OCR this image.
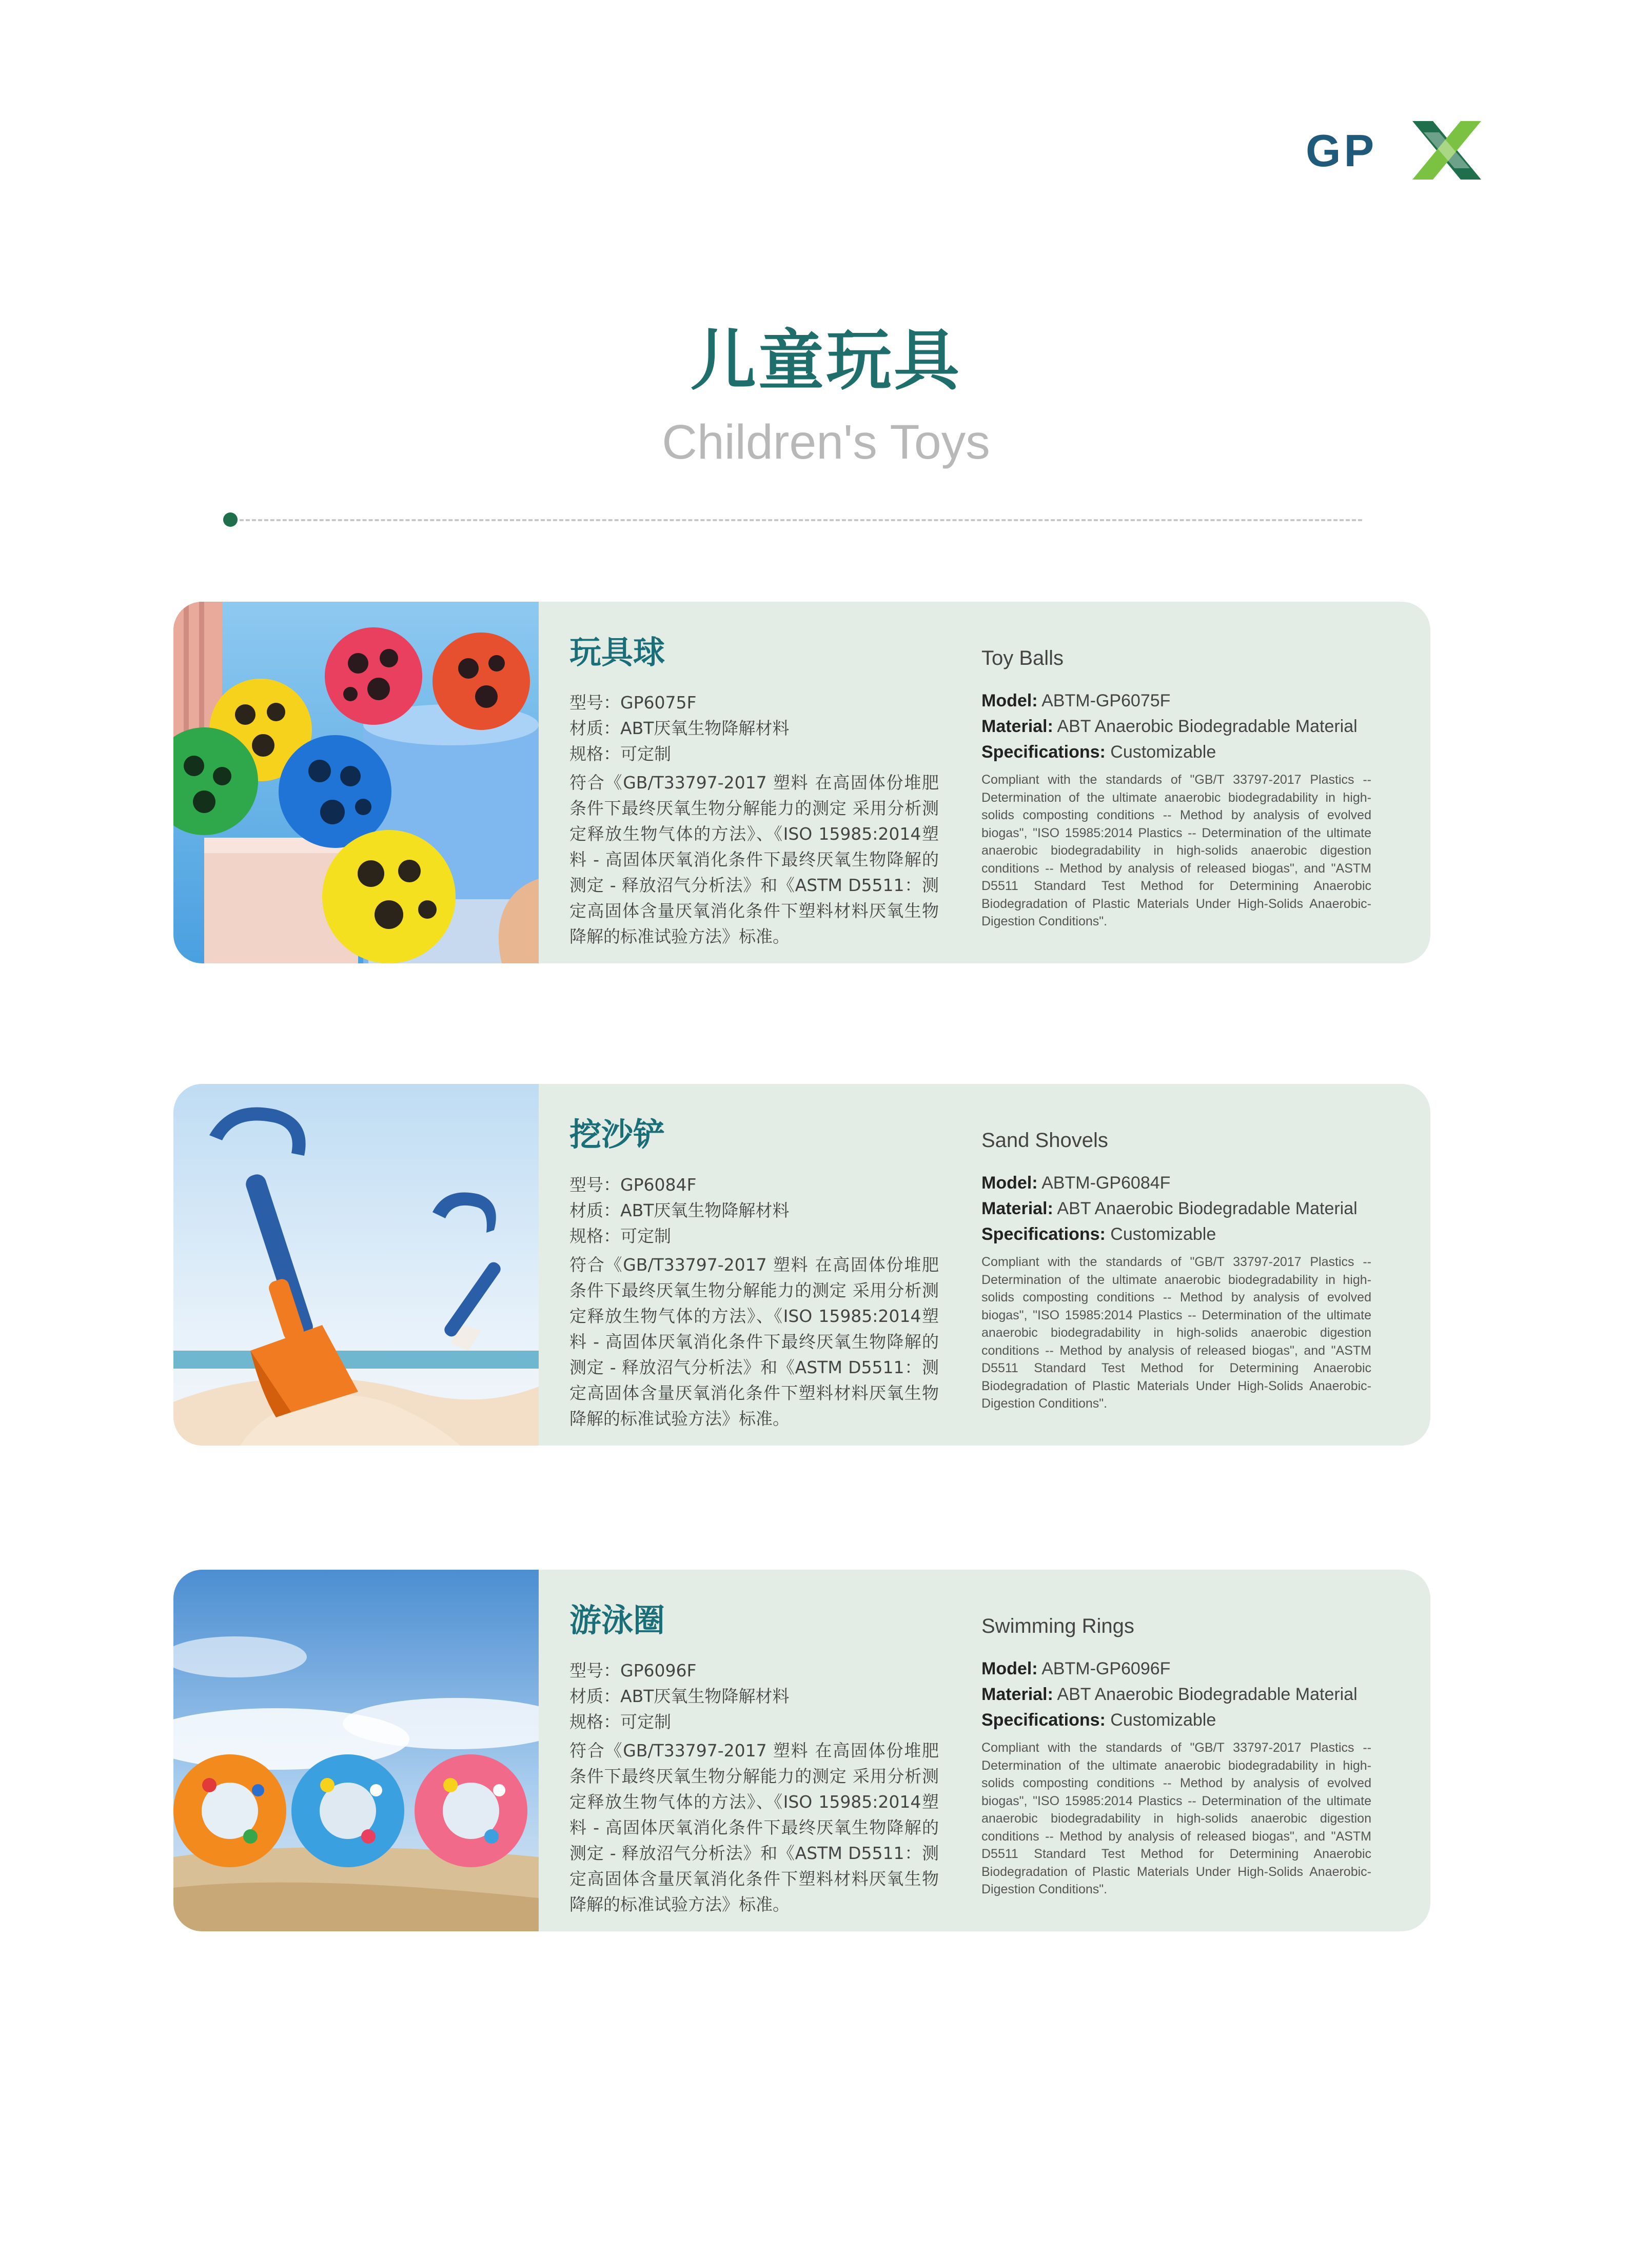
GP
儿童玩具
Children's Toys
玩具球
型号：GP6075F
材质：ABT厌氧生物降解材料
规格：可定制
符合《GB/T33797-2017 塑料 在高固体份堆肥条件下最终厌氧生物分解能力的测定 采用分析测定释放生物气体的方法》、《ISO 15985:2014塑料 - 高固体厌氧消化条件下最终厌氧生物降解的测定 - 释放沼气分析法》和《ASTM D5511：测定高固体含量厌氧消化条件下塑料材料厌氧生物降解的标准试验方法》标准。
Toy Balls
Model: ABTM-GP6075F
Material: ABT Anaerobic Biodegradable Material
Specifications: Customizable
Compliant with the standards of "GB/T 33797-2017 Plastics -- Determination of the ultimate anaerobic biodegradability in high-solids composting conditions -- Method by analysis of evolved biogas", "ISO 15985:2014 Plastics -- Determination of the ultimate anaerobic biodegradability in high-solids anaerobic digestion conditions -- Method by analysis of released biogas", and "ASTM D5511 Standard Test Method for Determining Anaerobic Biodegradation of Plastic Materials Under High-Solids Anaerobic-Digestion Conditions".
挖沙铲
型号：GP6084F
材质：ABT厌氧生物降解材料
规格：可定制
符合《GB/T33797-2017 塑料 在高固体份堆肥条件下最终厌氧生物分解能力的测定 采用分析测定释放生物气体的方法》、《ISO 15985:2014塑料 - 高固体厌氧消化条件下最终厌氧生物降解的测定 - 释放沼气分析法》和《ASTM D5511：测定高固体含量厌氧消化条件下塑料材料厌氧生物降解的标准试验方法》标准。
Sand Shovels
Model: ABTM-GP6084F
Material: ABT Anaerobic Biodegradable Material
Specifications: Customizable
Compliant with the standards of "GB/T 33797-2017 Plastics -- Determination of the ultimate anaerobic biodegradability in high-solids composting conditions -- Method by analysis of evolved biogas", "ISO 15985:2014 Plastics -- Determination of the ultimate anaerobic biodegradability in high-solids anaerobic digestion conditions -- Method by analysis of released biogas", and "ASTM D5511 Standard Test Method for Determining Anaerobic Biodegradation of Plastic Materials Under High-Solids Anaerobic-Digestion Conditions".
游泳圈
型号：GP6096F
材质：ABT厌氧生物降解材料
规格：可定制
符合《GB/T33797-2017 塑料 在高固体份堆肥条件下最终厌氧生物分解能力的测定 采用分析测定释放生物气体的方法》、《ISO 15985:2014塑料 - 高固体厌氧消化条件下最终厌氧生物降解的测定 - 释放沼气分析法》和《ASTM D5511：测定高固体含量厌氧消化条件下塑料材料厌氧生物降解的标准试验方法》标准。
Swimming Rings
Model: ABTM-GP6096F
Material: ABT Anaerobic Biodegradable Material
Specifications: Customizable
Compliant with the standards of "GB/T 33797-2017 Plastics -- Determination of the ultimate anaerobic biodegradability in high-solids composting conditions -- Method by analysis of evolved biogas", "ISO 15985:2014 Plastics -- Determination of the ultimate anaerobic biodegradability in high-solids anaerobic digestion conditions -- Method by analysis of released biogas", and "ASTM D5511 Standard Test Method for Determining Anaerobic Biodegradation of Plastic Materials Under High-Solids Anaerobic-Digestion Conditions".
